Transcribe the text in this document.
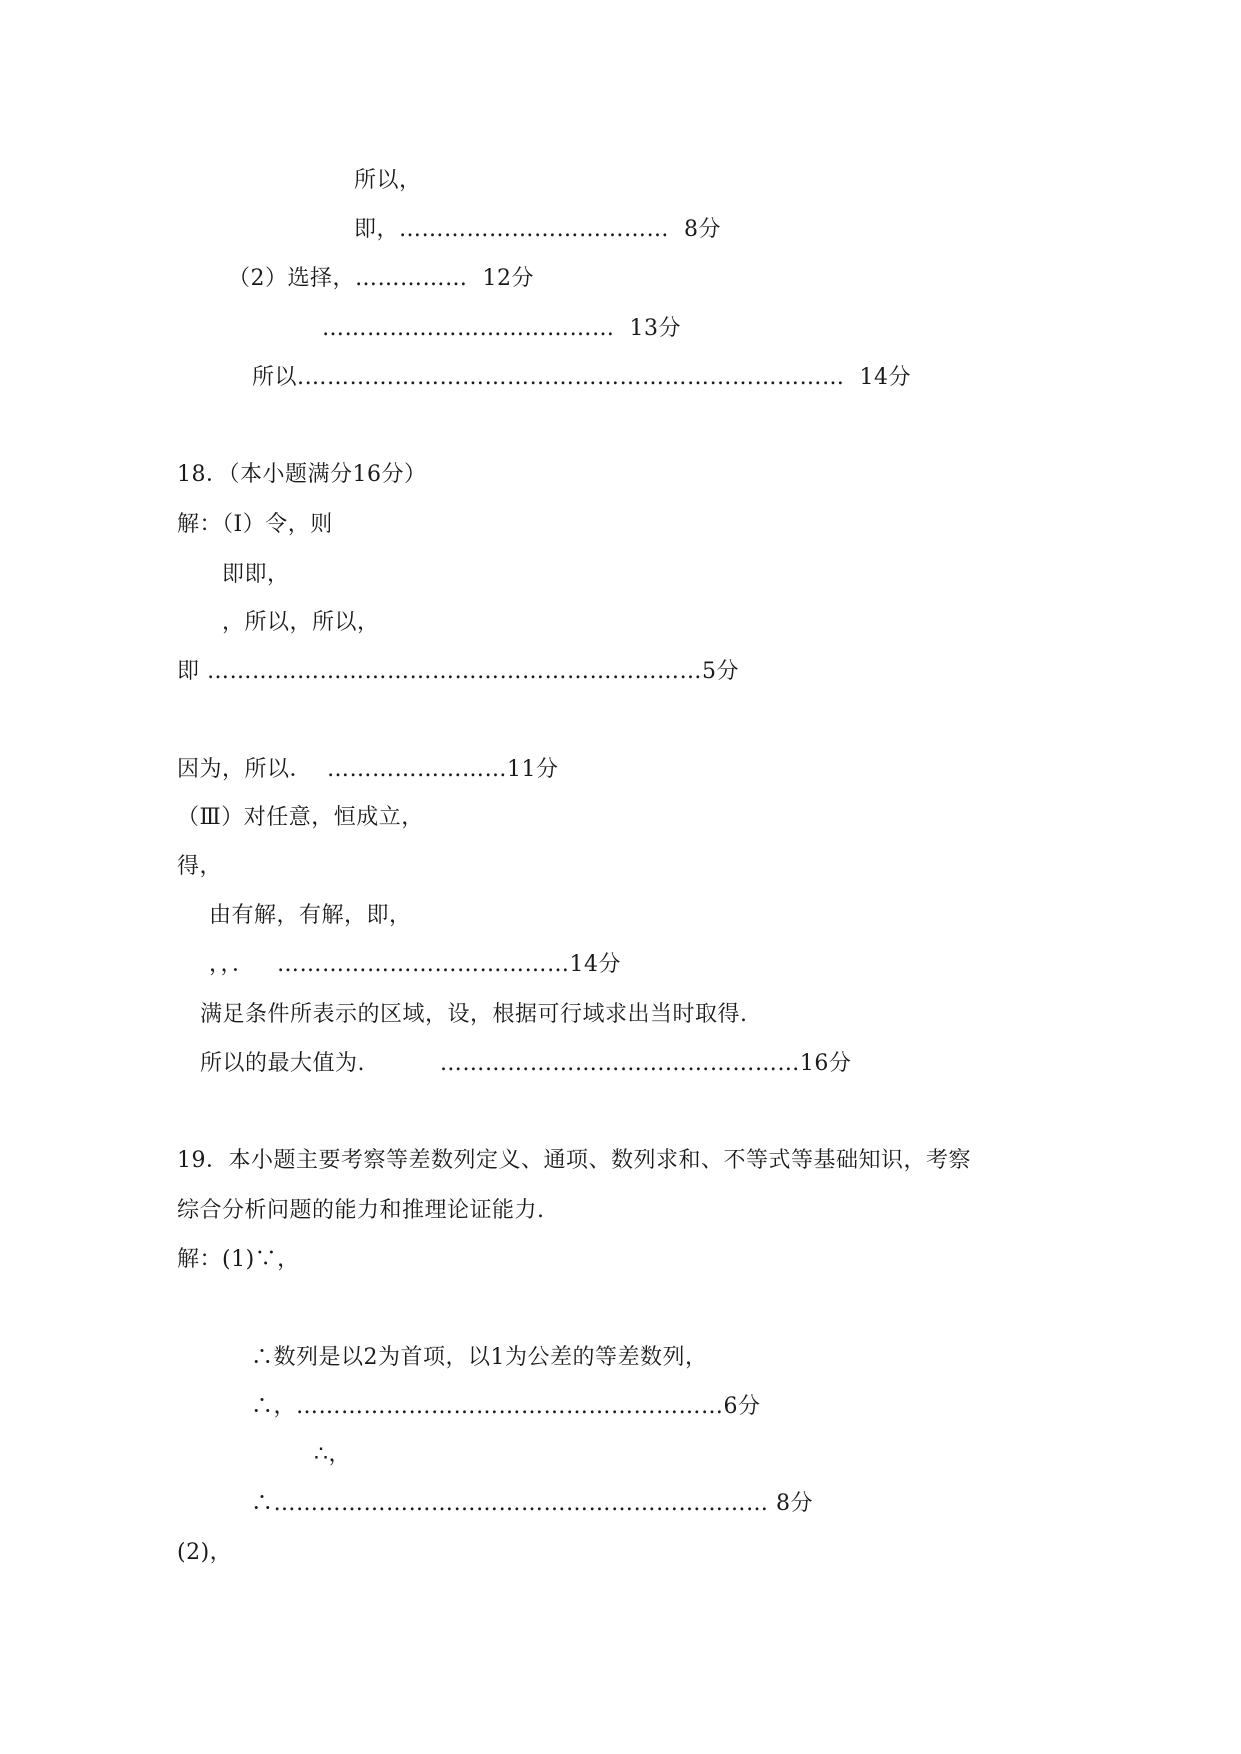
所以，
即，………………………………  8分
（2）选择，……………  12分
…………………………………  13分
所以.………………………………………………………………  14分
18．（本小题满分16分）
解：（Ⅰ）令，则
即即，
，所以，所以，
即 …………………………………………………………5分
因为，所以．  ……………………11分
（Ⅲ）对任意，恒成立，
得，
由有解，有解，即，
，，．   …………………………………14分
满足条件所表示的区域，设，根据可行域求出当时取得.
所以的最大值为.          …………………………………………16分
19．本小题主要考察等差数列定义、通项、数列求和、不等式等基础知识，考察
综合分析问题的能力和推理论证能力.
解：(1)∵，
∴数列是以2为首项，以1为公差的等差数列，
∴，…………………………………………………6分
∴，
∴………………………………………………………… 8分
(2)，
